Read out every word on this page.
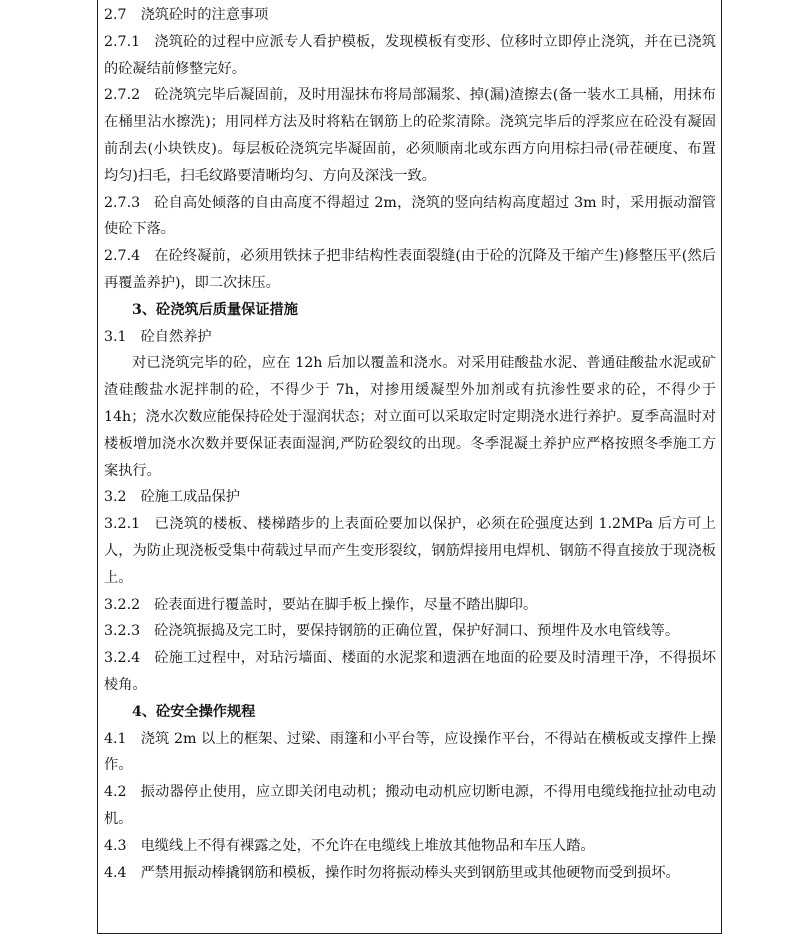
2.7 浇筑砼时的注意事项

2.7.1 浇筑砼的过程中应派专人看护模板，发现模板有变形、位移时立即停止浇筑，并在已浇筑的砼凝结前修整完好。

2.7.2 砼浇筑完毕后凝固前，及时用湿抹布将局部漏浆、掉(漏)渣擦去(备一装水工具桶，用抹布在桶里沾水擦洗)；用同样方法及时将粘在钢筋上的砼浆清除。浇筑完毕后的浮浆应在砼没有凝固前刮去(小块铁皮)。每层板砼浇筑完毕凝固前，必须顺南北或东西方向用棕扫帚(帚茬硬度、布置均匀)扫毛，扫毛纹路要清晰均匀、方向及深浅一致。

2.7.3 砼自高处倾落的自由高度不得超过 2m，浇筑的竖向结构高度超过 3m 时，采用振动溜管使砼下落。

2.7.4 在砼终凝前，必须用铁抹子把非结构性表面裂缝(由于砼的沉降及干缩产生)修整压平(然后再覆盖养护)，即二次抹压。

3、砼浇筑后质量保证措施

3.1 砼自然养护

对已浇筑完毕的砼，应在 12h 后加以覆盖和浇水。对采用硅酸盐水泥、普通硅酸盐水泥或矿渣硅酸盐水泥拌制的砼，不得少于 7h，对掺用缓凝型外加剂或有抗渗性要求的砼，不得少于 14h；浇水次数应能保持砼处于湿润状态；对立面可以采取定时定期浇水进行养护。夏季高温时对楼板增加浇水次数并要保证表面湿润,严防砼裂纹的出现。冬季混凝土养护应严格按照冬季施工方案执行。

3.2 砼施工成品保护

3.2.1 已浇筑的楼板、楼梯踏步的上表面砼要加以保护，必须在砼强度达到 1.2MPa 后方可上人，为防止现浇板受集中荷载过早而产生变形裂纹，钢筋焊接用电焊机、钢筋不得直接放于现浇板上。

3.2.2 砼表面进行覆盖时，要站在脚手板上操作，尽量不踏出脚印。

3.2.3 砼浇筑振捣及完工时，要保持钢筋的正确位置，保护好洞口、预埋件及水电管线等。

3.2.4 砼施工过程中，对玷污墙面、楼面的水泥浆和遗洒在地面的砼要及时清理干净，不得损坏棱角。

4、砼安全操作规程

4.1 浇筑 2m 以上的框架、过梁、雨篷和小平台等，应设操作平台，不得站在横板或支撑件上操作。

4.2 振动器停止使用，应立即关闭电动机；搬动电动机应切断电源，不得用电缆线拖拉扯动电动机。

4.3 电缆线上不得有裸露之处，不允许在电缆线上堆放其他物品和车压人踏。

4.4 严禁用振动棒撬钢筋和模板，操作时勿将振动棒头夹到钢筋里或其他硬物而受到损坏。
